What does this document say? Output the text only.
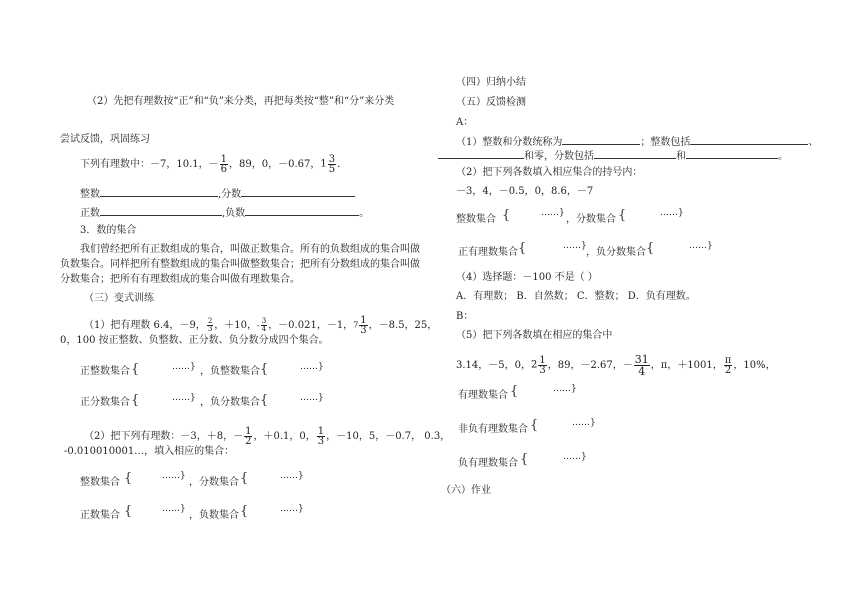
（2）先把有理数按“正”和“负”来分类，再把每类按“整”和“分”来分类
尝试反馈，巩固练习
下列有理数中：－7，10.1，－ $\frac{1}{6}$ ，89，0，－0.67，$1 \frac{3}{5}$ .
整数	,分数
正数	,负数	。
3．数的集合
我们曾经把所有正数组成的集合，叫做正数集合。所有的负数组成的集合叫做
负数集合。同样把所有整数组成的集合叫做整数集合；把所有分数组成的集合叫做
分数集合；把所有有理数组成的集合叫做有理数集合。
（三）变式训练
（1）把有理数 6.4，－9， $\frac{2}{3}$ ，＋10，- $\frac{3}{4}$ ，－0.021，－1，$7 \frac{1}{3}$ ，－8.5，25，
0，100 按正整数、负整数、正分数、负分数分成四个集合。
正整数集合 {	……} ，负整数集合 {	……}
正分数集合 {	……} ，负分数集合 {	……}
（2）把下列有理数：－3，＋8，－ $\frac{1}{2}$ ，＋0.1，0， $\frac{1}{3}$ ，－10，5，－0.7， 0.3，
-0.010010001…，填入相应的集合：
整数集合 {	……}
，分数集合 {	……}
正数集合 {	……}
，负数集合 {	……}
（四）归纳小结
（五）反馈检测
A：
（1）整数和分数统称为	；整数包括	、
和零，分数包括	和	。
（2）把下列各数填入相应集合的持号内：
－3，4，－0.5，0，8.6，－7
整数集合 {	……}
，分数集合 {	……}
正有理数集合 {	……}
，负分数集合 {	……}
（4）选择题：－100 不是（ ）
A．有理数； B．自然数； C．整数； D．负有理数。
B：
（5）把下列各数填在相应的集合中
3.14，－5，0，$2 \frac{1}{3}$ ，89，－2.67，－ $\frac{31}{4}$ ，π，＋1001， $\frac{\pi}{2}$ ，10%，
有理数集合 {	……}
非负有理数集合 {	……}
负有理数集合 {	……}
（六）作业
